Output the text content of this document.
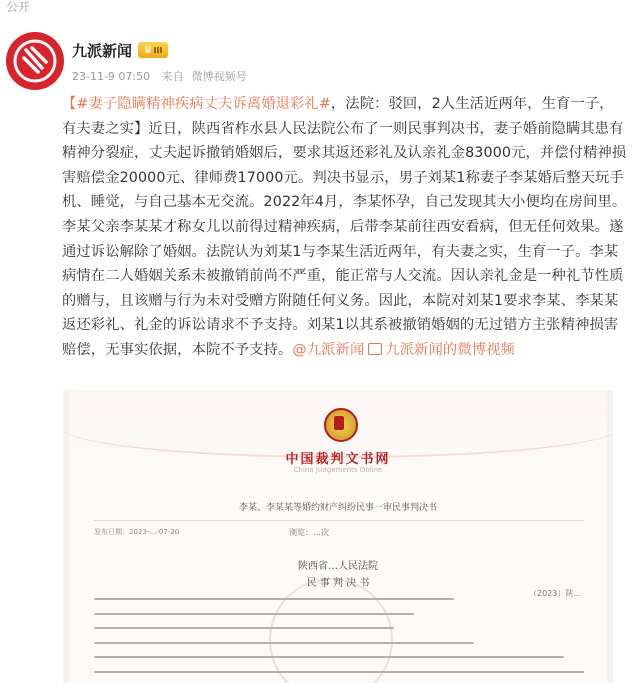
公开
九派新闻 ♛ III
23-11-9 07:50 来自 微博视频号
【#妻子隐瞒精神疾病丈夫诉离婚退彩礼#，法院：驳回，2人生活近两年，生育一子，有夫妻之实】近日，陕西省柞水县人民法院公布了一则民事判决书，妻子婚前隐瞒其患有精神分裂症，丈夫起诉撤销婚姻后，要求其返还彩礼及认亲礼金83000元，并偿付精神损害赔偿金20000元、律师费17000元。判决书显示，男子刘某1称妻子李某婚后整天玩手机、睡觉，与自己基本无交流。2022年4月，李某怀孕，自己发现其大小便均在房间里。李某父亲李某某才称女儿以前得过精神疾病，后带李某前往西安看病，但无任何效果。遂通过诉讼解除了婚姻。法院认为刘某1与李某生活近两年，有夫妻之实，生育一子。李某病情在二人婚姻关系未被撤销前尚不严重，能正常与人交流。因认亲礼金是一种礼节性质的赠与，且该赠与行为未对受赠方附随任何义务。因此，本院对刘某1要求李某、李某某返还彩礼、礼金的诉讼请求不予支持。刘某1以其系被撤销婚姻的无过错方主张精神损害赔偿，无事实依据，本院不予支持。@九派新闻 九派新闻的微博视频
中国裁判文书网
China Judgements Online
李某、李某某等婚约财产纠纷民事一审民事判决书
发布日期：2023-…-07-20	浏览：…次
陕西省…人民法院
民 事 判 决 书
（2023）陕…
